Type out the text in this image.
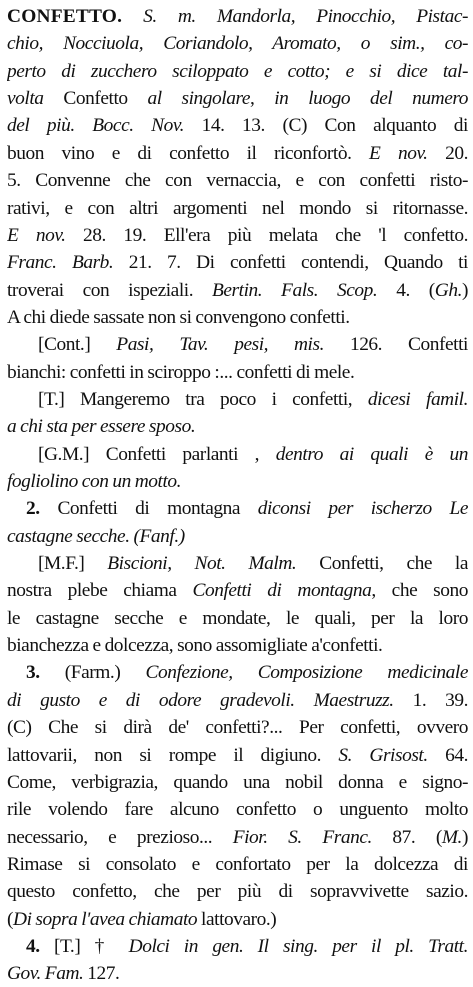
CONFETTO. S. m. Mandorla, Pinocchio, Pistac-
chio, Nocciuola, Coriandolo, Aromato, o sim., co-
perto di zucchero sciloppato e cotto; e si dice tal-
volta Confetto al singolare, in luogo del numero
del più. Bocc. Nov. 14. 13. (C) Con alquanto di
buon vino e di confetto il riconfortò. E nov. 20.
5. Convenne che con vernaccia, e con confetti risto-
rativi, e con altri argomenti nel mondo si ritornasse.
E nov. 28. 19. Ell'era più melata che 'l confetto.
Franc. Barb. 21. 7. Di confetti contendi, Quando ti
troverai con ispeziali. Bertin. Fals. Scop. 4. (Gh.)
A chi diede sassate non si convengono confetti.
[Cont.] Pasi, Tav. pesi, mis. 126. Confetti
bianchi: confetti in sciroppo :... confetti di mele.
[T.] Mangeremo tra poco i confetti, dicesi famil.
a chi sta per essere sposo.
[G.M.] Confetti parlanti , dentro ai quali è un
fogliolino con un motto.
2. Confetti di montagna diconsi per ischerzo Le
castagne secche. (Fanf.)
[M.F.] Biscioni, Not. Malm. Confetti, che la
nostra plebe chiama Confetti di montagna, che sono
le castagne secche e mondate, le quali, per la loro
bianchezza e dolcezza, sono assomigliate a'confetti.
3. (Farm.) Confezione, Composizione medicinale
di gusto e di odore gradevoli. Maestruzz. 1. 39.
(C) Che si dirà de' confetti?... Per confetti, ovvero
lattovarii, non si rompe il digiuno. S. Grisost. 64.
Come, verbigrazia, quando una nobil donna e signo-
rile volendo fare alcuno confetto o unguento molto
necessario, e prezioso... Fior. S. Franc. 87. (M.)
Rimase si consolato e confortato per la dolcezza di
questo confetto, che per più di sopravvivette sazio.
(Di sopra l'avea chiamato lattovaro.)
4. [T.] † Dolci in gen. Il sing. per il pl. Tratt.
Gov. Fam. 127.
